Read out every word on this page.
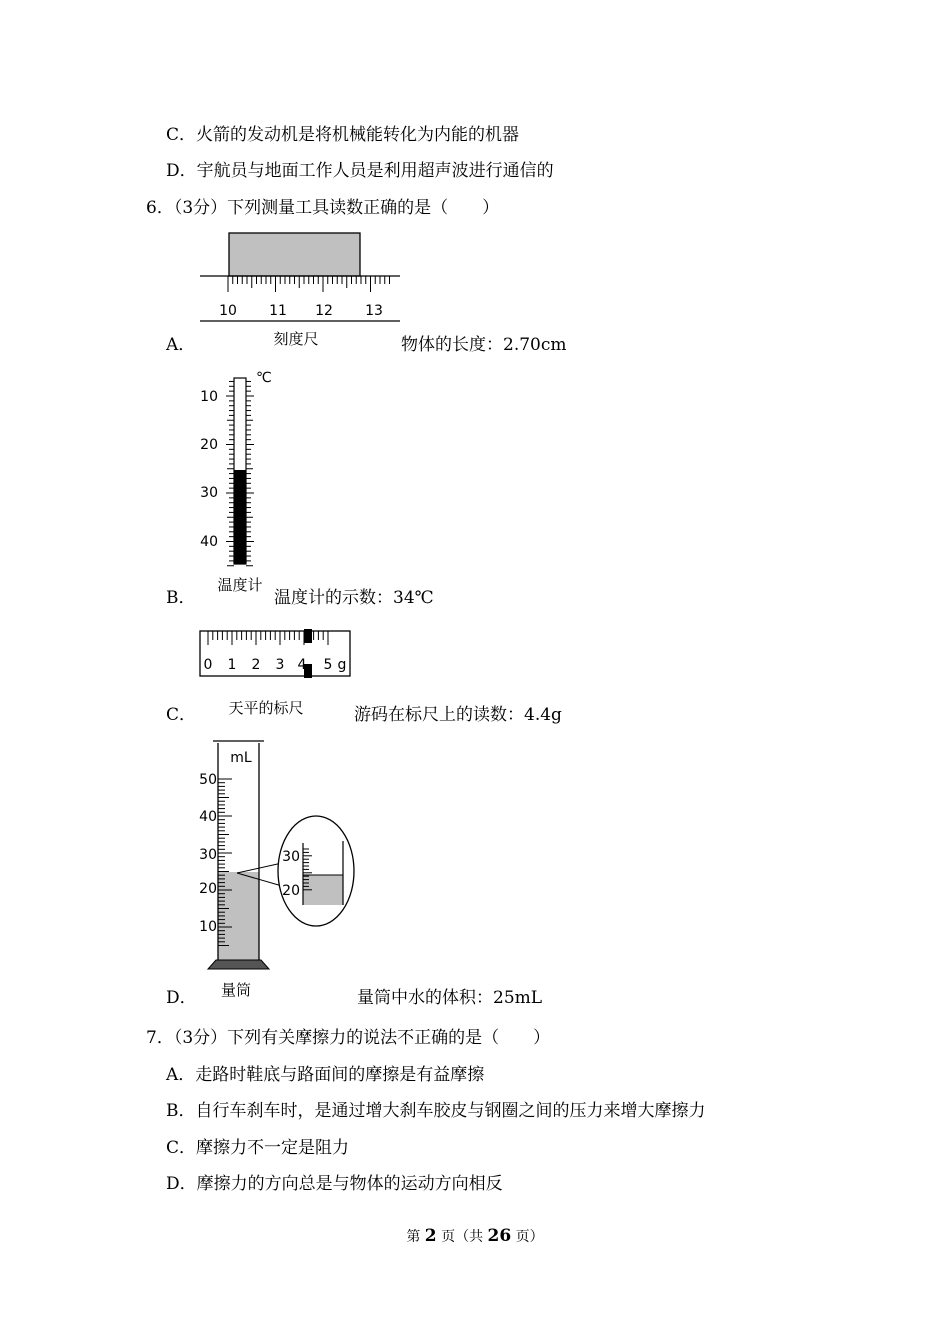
C．火箭的发动机是将机械能转化为内能的机器
D．宇航员与地面工作人员是利用超声波进行通信的
6．（3分）下列测量工具读数正确的是（　　）
10 11 12 13
刻度尺
A．	物体的长度：2.70cm
℃
10
20
30
40
温度计
B．	温度计的示数：34℃
0 1 2 3 4 5 g
天平的标尺
C．	游码在标尺上的读数：4.4g
mL
50
40
30
20
10
30
20
量筒
D．	量筒中水的体积：25mL
7．（3分）下列有关摩擦力的说法不正确的是（　　）
A．走路时鞋底与路面间的摩擦是有益摩擦
B．自行车刹车时，是通过增大刹车胶皮与钢圈之间的压力来增大摩擦力
C．摩擦力不一定是阻力
D．摩擦力的方向总是与物体的运动方向相反
第 2 页（共 26 页）
